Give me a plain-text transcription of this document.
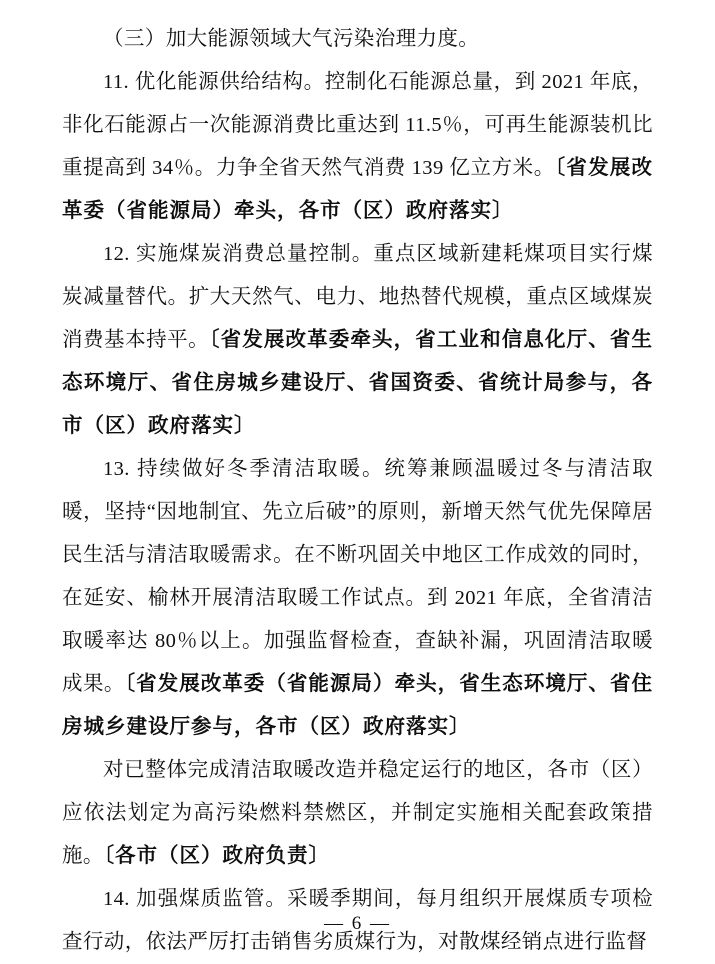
（三）加大能源领域大气污染治理力度。

11. 优化能源供给结构。控制化石能源总量，到 2021 年底，非化石能源占一次能源消费比重达到 11.5％，可再生能源装机比重提高到 34％。力争全省天然气消费 139 亿立方米。〔省发展改革委（省能源局）牵头，各市（区）政府落实〕

12. 实施煤炭消费总量控制。重点区域新建耗煤项目实行煤炭减量替代。扩大天然气、电力、地热替代规模，重点区域煤炭消费基本持平。〔省发展改革委牵头，省工业和信息化厅、省生态环境厅、省住房城乡建设厅、省国资委、省统计局参与，各市（区）政府落实〕

13. 持续做好冬季清洁取暖。统筹兼顾温暖过冬与清洁取暖，坚持“因地制宜、先立后破”的原则，新增天然气优先保障居民生活与清洁取暖需求。在不断巩固关中地区工作成效的同时，在延安、榆林开展清洁取暖工作试点。到 2021 年底，全省清洁取暖率达 80％以上。加强监督检查，查缺补漏，巩固清洁取暖成果。〔省发展改革委（省能源局）牵头，省生态环境厅、省住房城乡建设厅参与，各市（区）政府落实〕

对已整体完成清洁取暖改造并稳定运行的地区，各市（区）应依法划定为高污染燃料禁燃区，并制定实施相关配套政策措施。〔各市（区）政府负责〕

14. 加强煤质监管。采暖季期间，每月组织开展煤质专项检查行动，依法严厉打击销售劣质煤行为，对散煤经销点进行监督

— 6 —
